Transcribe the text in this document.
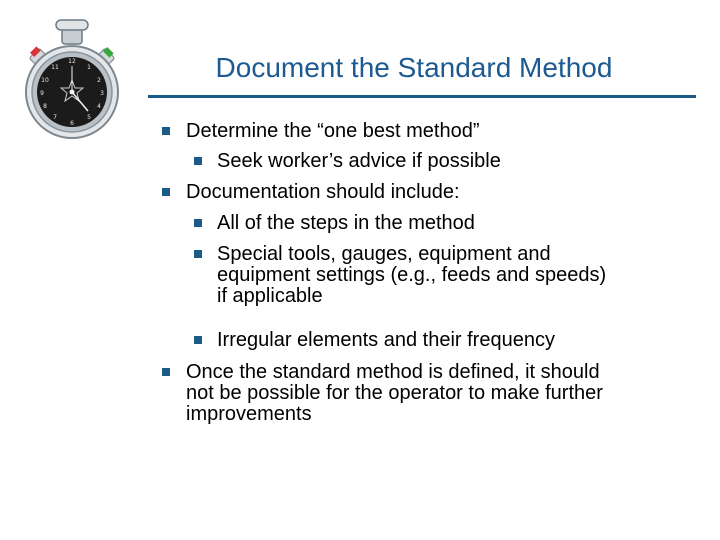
12
1
2
3
4
5
6
7
8
9
10
11	Document the Standard Method
Determine the “one best method”
Seek worker’s advice if possible
Documentation should include:
All of the steps in the method
Special tools, gauges, equipment and
equipment settings (e.g., feeds and speeds)
if applicable
Irregular elements and their frequency
Once the standard method is defined, it should
not be possible for the operator to make further
improvements
